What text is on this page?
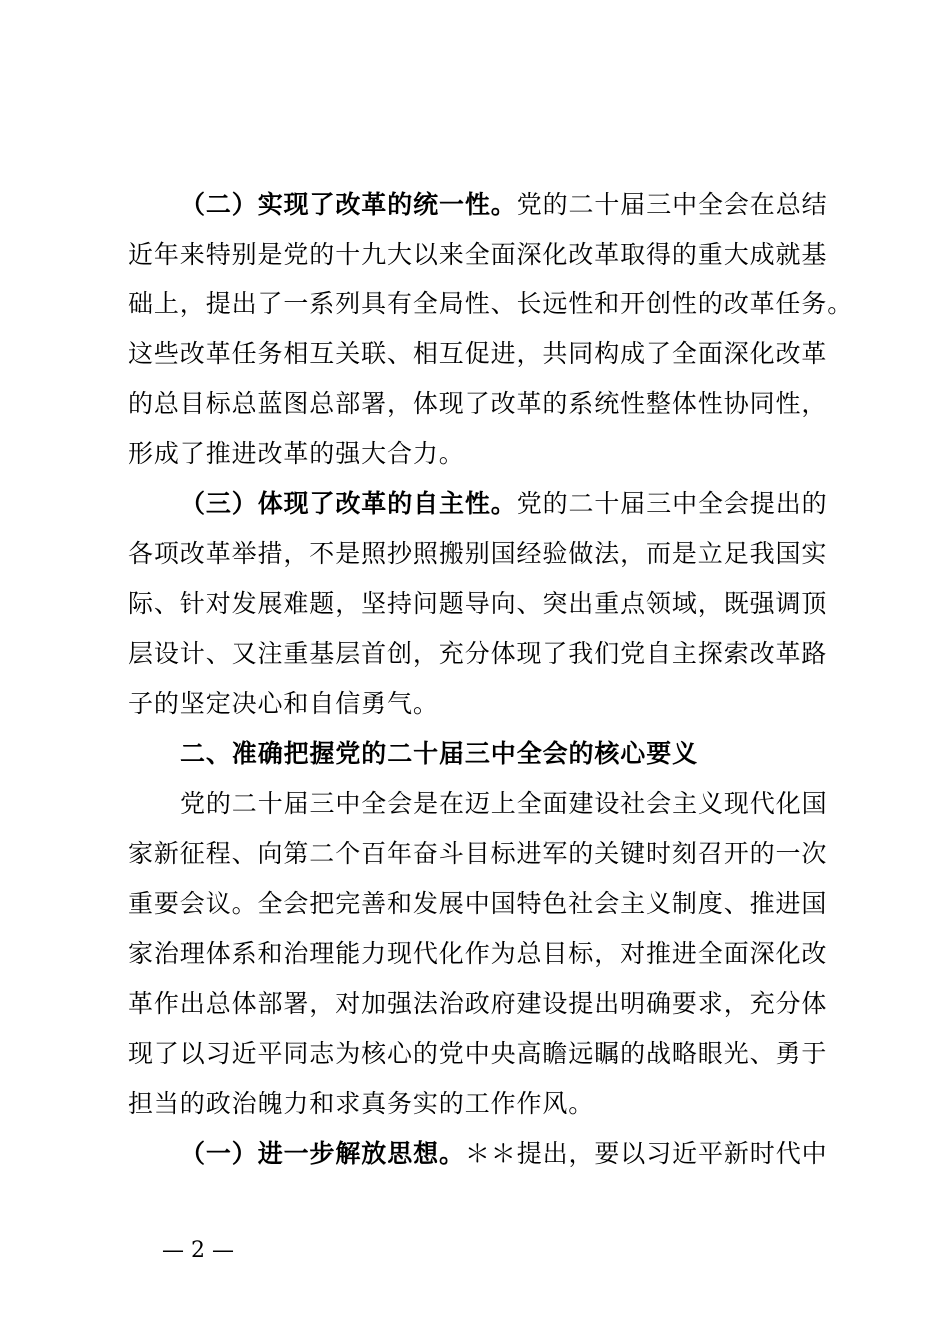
（二）实现了改革的统一性。党的二十届三中全会在总结
近年来特别是党的十九大以来全面深化改革取得的重大成就基
础上，提出了一系列具有全局性、长远性和开创性的改革任务。
这些改革任务相互关联、相互促进，共同构成了全面深化改革
的总目标总蓝图总部署，体现了改革的系统性整体性协同性，
形成了推进改革的强大合力。
（三）体现了改革的自主性。党的二十届三中全会提出的
各项改革举措，不是照抄照搬别国经验做法，而是立足我国实
际、针对发展难题，坚持问题导向、突出重点领域，既强调顶
层设计、又注重基层首创，充分体现了我们党自主探索改革路
子的坚定决心和自信勇气。
二、准确把握党的二十届三中全会的核心要义
党的二十届三中全会是在迈上全面建设社会主义现代化国
家新征程、向第二个百年奋斗目标进军的关键时刻召开的一次
重要会议。全会把完善和发展中国特色社会主义制度、推进国
家治理体系和治理能力现代化作为总目标，对推进全面深化改
革作出总体部署，对加强法治政府建设提出明确要求，充分体
现了以习近平同志为核心的党中央高瞻远瞩的战略眼光、勇于
担当的政治魄力和求真务实的工作作风。
（一）进一步解放思想。＊＊提出，要以习近平新时代中
— 2 —
